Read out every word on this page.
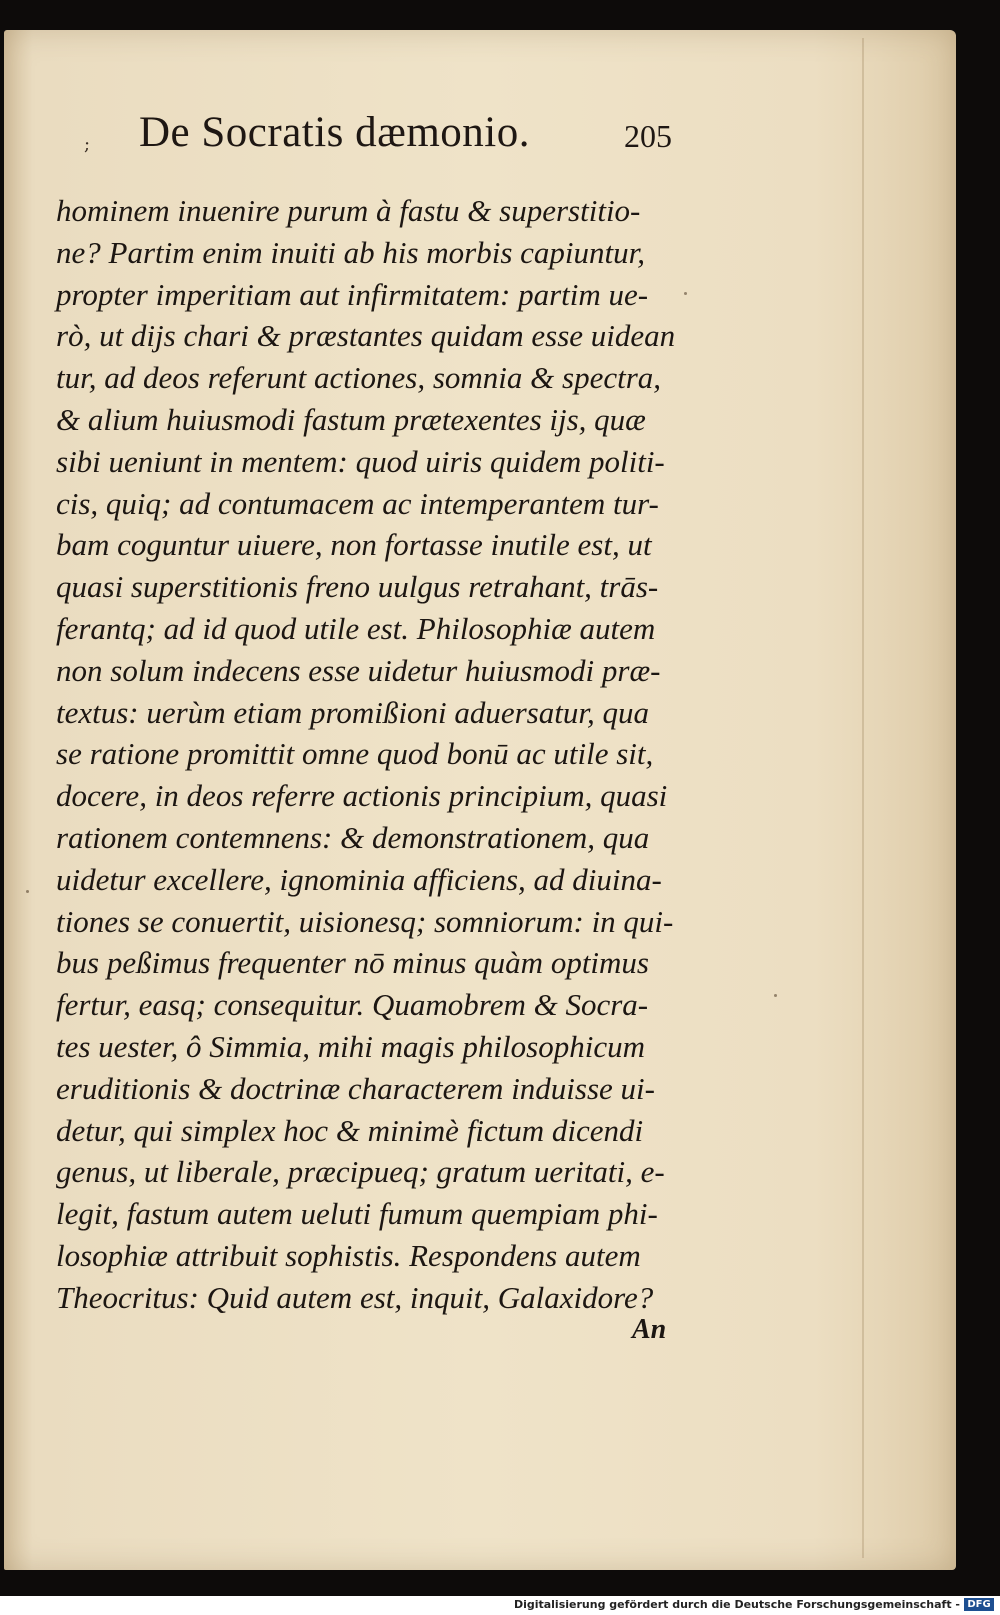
; De Socratis dæmonio.	205
hominem inuenire purum à fastu & superstitio-
ne? Partim enim inuiti ab his morbis capiuntur,
propter imperitiam aut infirmitatem: partim ue-
rò, ut dijs chari & præstantes quidam esse uidean
tur, ad deos referunt actiones, somnia & spectra,
& alium huiusmodi fastum prætexentes ijs, quæ
sibi ueniunt in mentem: quod uiris quidem politi-
cis, quiq; ad contumacem ac intemperantem tur-
bam coguntur uiuere, non fortasse inutile est, ut
quasi superstitionis freno uulgus retrahant, trās-
ferantq; ad id quod utile est. Philosophiæ autem
non solum indecens esse uidetur huiusmodi præ-
textus: uerùm etiam promißioni aduersatur, qua
se ratione promittit omne quod bonū ac utile sit,
docere, in deos referre actionis principium, quasi
rationem contemnens: & demonstrationem, qua
uidetur excellere, ignominia afficiens, ad diuina-
tiones se conuertit, uisionesq; somniorum: in qui-
bus peßimus frequenter nō minus quàm optimus
fertur, easq; consequitur. Quamobrem & Socra-
tes uester, ô Simmia, mihi magis philosophicum
eruditionis & doctrinæ characterem induisse ui-
detur, qui simplex hoc & minimè fictum dicendi
genus, ut liberale, præcipueq; gratum ueritati, e-
legit, fastum autem ueluti fumum quempiam phi-
losophiæ attribuit sophistis. Respondens autem
Theocritus: Quid autem est, inquit, Galaxidore?
An
Digitalisierung gefördert durch die Deutsche Forschungsgemeinschaft - DFG
